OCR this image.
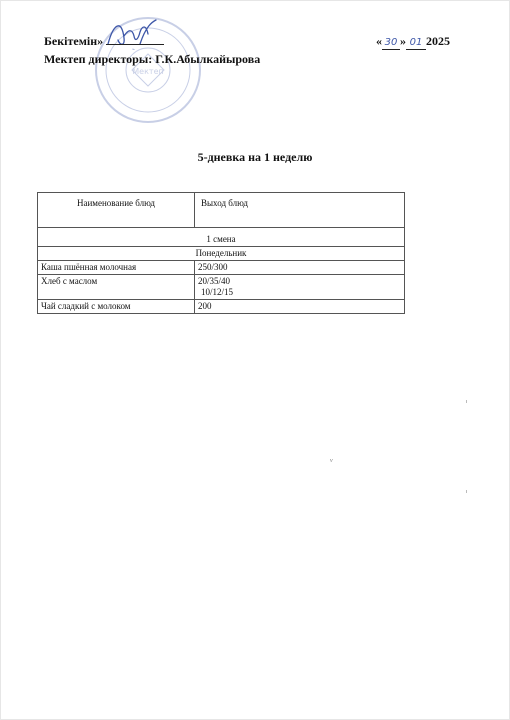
Мектеп
Ab
Бекітемін»
Мектеп директоры: Г.К.Абылкайырова
« 30 » 01 2025
5-дневка на 1 неделю
Наименование блюд	Выход блюд
1 смена	
Понедельник	
Каша пшённая молочная	250/300
Хлеб с маслом	20/35/40
10/12/15

Чай сладкий с молоком	200
v
